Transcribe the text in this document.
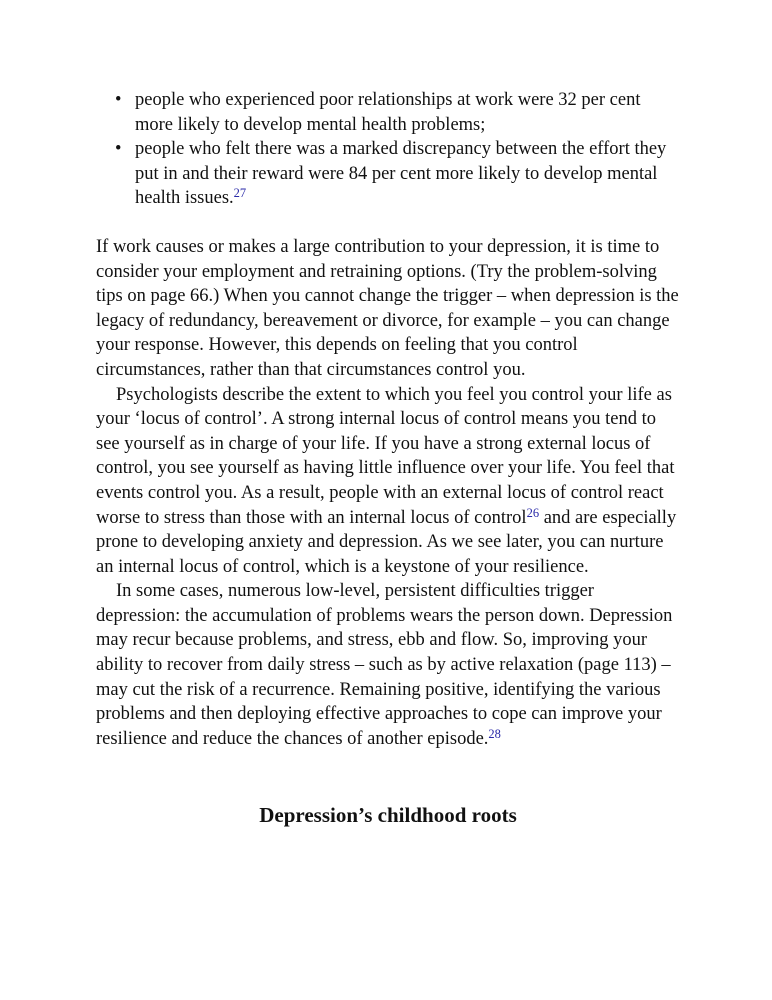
• people who experienced poor relationships at work were 32 per cent more likely to develop mental health problems;
• people who felt there was a marked discrepancy between the effort they put in and their reward were 84 per cent more likely to develop mental health issues.$^{27}$

If work causes or makes a large contribution to your depression, it is time to consider your employment and retraining options. (Try the problem-solving tips on page 66.) When you cannot change the trigger – when depression is the legacy of redundancy, bereavement or divorce, for example – you can change your response. However, this depends on feeling that you control circumstances, rather than that circumstances control you.

Psychologists describe the extent to which you feel you control your life as your ‘locus of control’. A strong internal locus of control means you tend to see yourself as in charge of your life. If you have a strong external locus of control, you see yourself as having little influence over your life. You feel that events control you. As a result, people with an external locus of control react worse to stress than those with an internal locus of control$^{26}$ and are especially prone to developing anxiety and depression. As we see later, you can nurture an internal locus of control, which is a keystone of your resilience.

In some cases, numerous low-level, persistent difficulties trigger depression: the accumulation of problems wears the person down. Depression may recur because problems, and stress, ebb and flow. So, improving your ability to recover from daily stress – such as by active relaxation (page 113) – may cut the risk of a recurrence. Remaining positive, identifying the various problems and then deploying effective approaches to cope can improve your resilience and reduce the chances of another episode.$^{28}$

Depression’s childhood roots
